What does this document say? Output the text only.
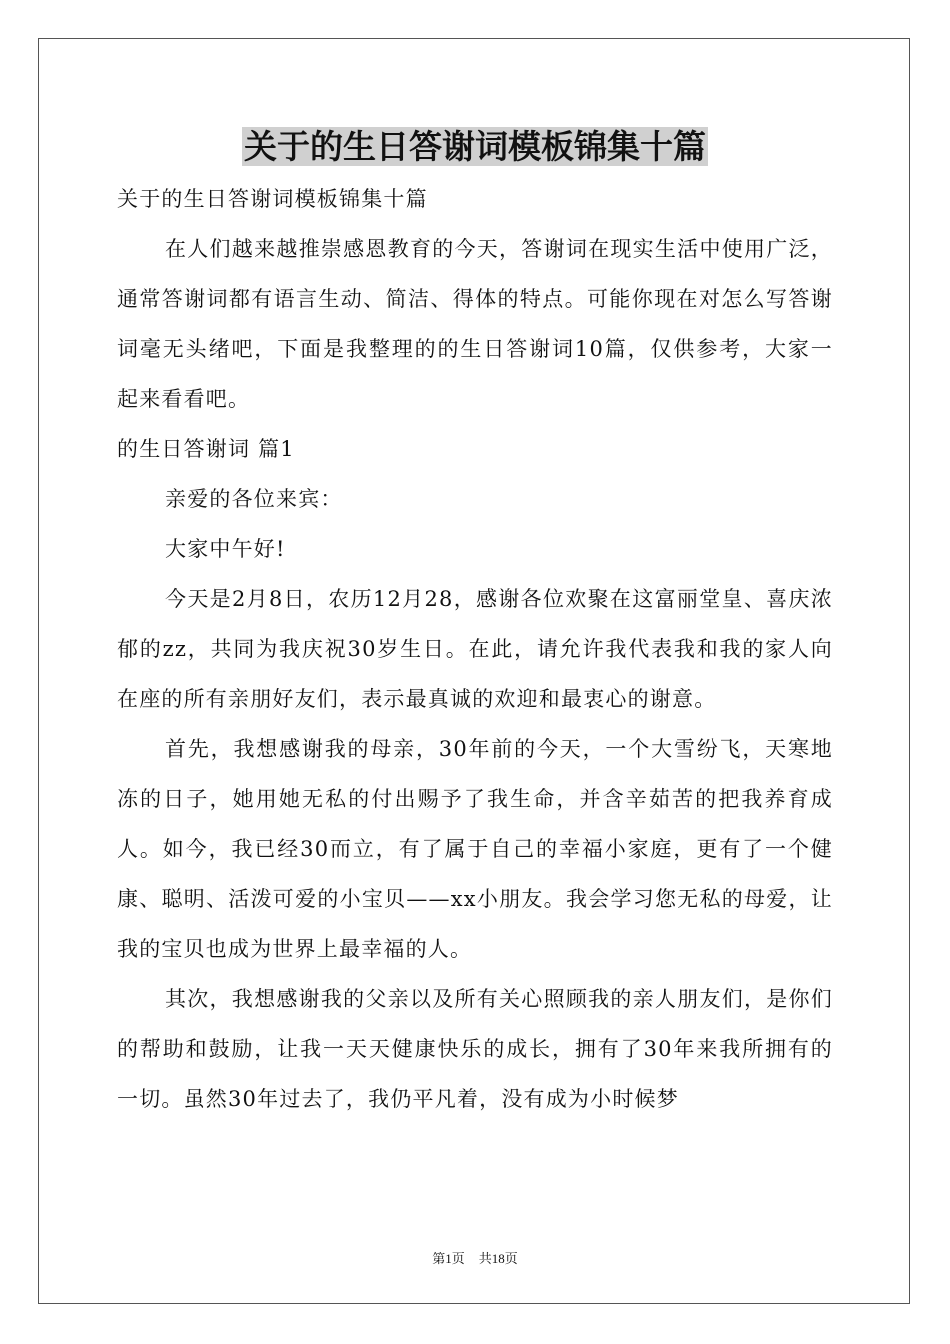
关于的生日答谢词模板锦集十篇

关于的生日答谢词模板锦集十篇

在人们越来越推崇感恩教育的今天，答谢词在现实生活中使用广泛，通常答谢词都有语言生动、简洁、得体的特点。可能你现在对怎么写答谢词毫无头绪吧，下面是我整理的的生日答谢词10篇，仅供参考，大家一起来看看吧。

的生日答谢词 篇1

亲爱的各位来宾：

大家中午好!

今天是2月8日，农历12月28，感谢各位欢聚在这富丽堂皇、喜庆浓郁的zz，共同为我庆祝30岁生日。在此，请允许我代表我和我的家人向在座的所有亲朋好友们，表示最真诚的欢迎和最衷心的谢意。

首先，我想感谢我的母亲，30年前的今天，一个大雪纷飞，天寒地冻的日子，她用她无私的付出赐予了我生命，并含辛茹苦的把我养育成人。如今，我已经30而立，有了属于自己的幸福小家庭，更有了一个健康、聪明、活泼可爱的小宝贝——xx小朋友。我会学习您无私的母爱，让我的宝贝也成为世界上最幸福的人。

其次，我想感谢我的父亲以及所有关心照顾我的亲人朋友们，是你们的帮助和鼓励，让我一天天健康快乐的成长，拥有了30年来我所拥有的一切。虽然30年过去了，我仍平凡着，没有成为小时候梦

第1页 共18页
